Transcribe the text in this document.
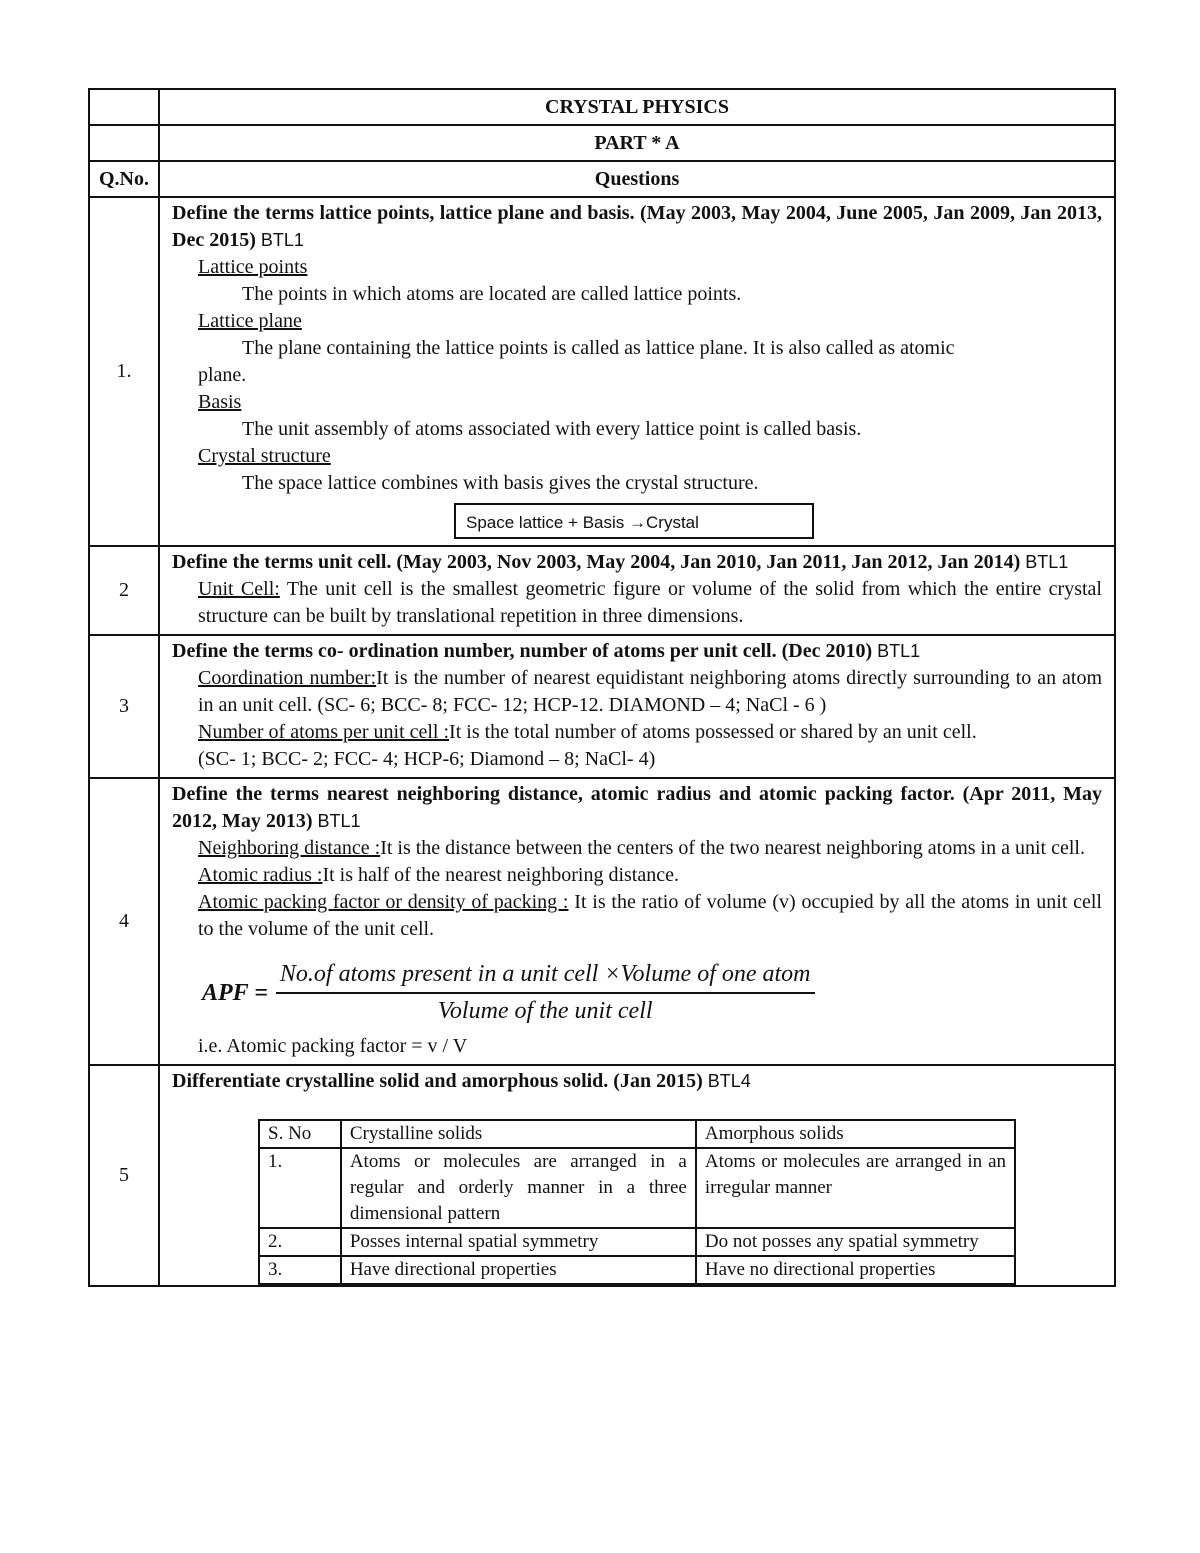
	CRYSTAL PHYSICS
	PART * A
Q.No.	Questions
1.	
Define the terms lattice points, lattice plane and basis. (May 2003, May 2004, June 2005, Jan 2009, Jan 2013, Dec 2015) BTL1
Lattice points
The points in which atoms are located are called lattice points.
Lattice plane
The plane containing the lattice points is called as lattice plane. It is also called as atomic
plane.
Basis
The unit assembly of atoms associated with every lattice point is called basis.
Crystal structure
The space lattice combines with basis gives the crystal structure.
Space lattice + Basis →Crystal

2	
Define the terms unit cell. (May 2003, Nov 2003, May 2004, Jan 2010, Jan 2011, Jan 2012, Jan 2014) BTL1
Unit Cell: The unit cell is the smallest geometric figure or volume of the solid from which the entire crystal structure can be built by translational repetition in three dimensions.

3	
Define the terms co- ordination number, number of atoms per unit cell. (Dec 2010) BTL1
Coordination number:It is the number of nearest equidistant neighboring atoms directly surrounding to an atom in an unit cell. (SC- 6; BCC- 8; FCC- 12; HCP-12. DIAMOND – 4; NaCl - 6 )
Number of atoms per unit cell :It is the total number of atoms possessed or shared by an unit cell.
(SC- 1; BCC- 2; FCC- 4; HCP-6; Diamond – 8; NaCl- 4)

4	
Define the terms nearest neighboring distance, atomic radius and atomic packing factor. (Apr 2011, May 2012, May 2013) BTL1
Neighboring distance :It is the distance between the centers of the two nearest neighboring atoms in a unit cell.
Atomic radius :It is half of the nearest neighboring distance.
Atomic packing factor or density of packing : It is the ratio of volume (v) occupied by all the atoms in unit cell to the volume of the unit cell.
APF = $\frac{\text{No.of atoms present in a unit cell ×Volume of one atom}}{\text{Volume of the unit cell}}$
i.e. Atomic packing factor = v / V

5	
Differentiate crystalline solid and amorphous solid. (Jan 2015) BTL4
S. No	Crystalline solids	Amorphous solids
1.	Atoms or molecules are arranged in a regular and orderly manner in a three dimensional pattern	Atoms or molecules are arranged in an irregular manner
2.	Posses internal spatial symmetry	Do not posses any spatial symmetry
3.	Have directional properties	Have no directional properties
